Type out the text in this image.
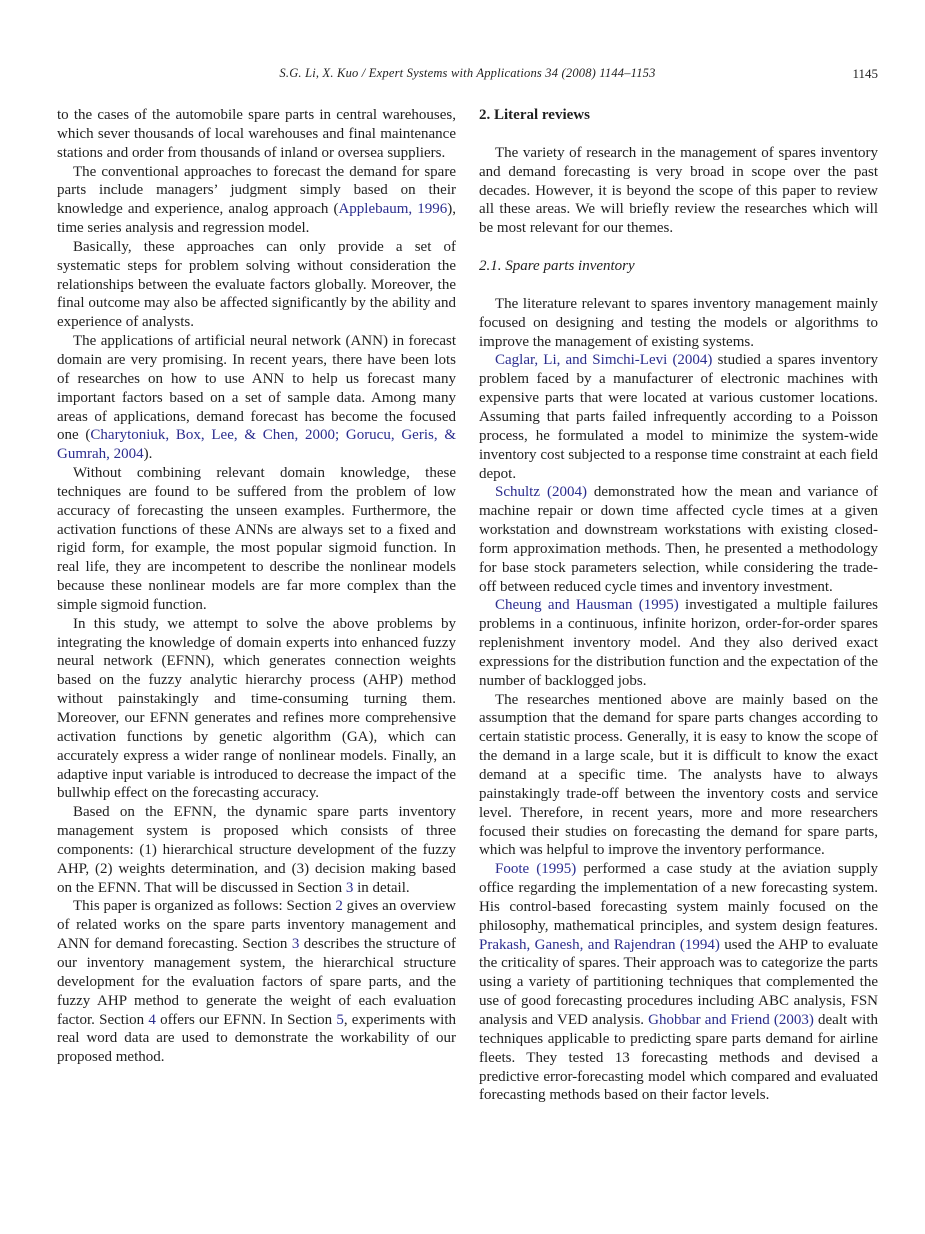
S.G. Li, X. Kuo / Expert Systems with Applications 34 (2008) 1144–1153	1145

to the cases of the automobile spare parts in central warehouses, which sever thousands of local warehouses and final maintenance stations and order from thousands of inland or oversea suppliers.

The conventional approaches to forecast the demand for spare parts include managers’ judgment simply based on their knowledge and experience, analog approach (Applebaum, 1996), time series analysis and regression model.

Basically, these approaches can only provide a set of systematic steps for problem solving without consideration the relationships between the evaluate factors globally. Moreover, the final outcome may also be affected significantly by the ability and experience of analysts.

The applications of artificial neural network (ANN) in forecast domain are very promising. In recent years, there have been lots of researches on how to use ANN to help us forecast many important factors based on a set of sample data. Among many areas of applications, demand forecast has become the focused one (Charytoniuk, Box, Lee, & Chen, 2000; Gorucu, Geris, & Gumrah, 2004).

Without combining relevant domain knowledge, these techniques are found to be suffered from the problem of low accuracy of forecasting the unseen examples. Furthermore, the activation functions of these ANNs are always set to a fixed and rigid form, for example, the most popular sigmoid function. In real life, they are incompetent to describe the nonlinear models because these nonlinear models are far more complex than the simple sigmoid function.

In this study, we attempt to solve the above problems by integrating the knowledge of domain experts into enhanced fuzzy neural network (EFNN), which generates connection weights based on the fuzzy analytic hierarchy process (AHP) method without painstakingly and time-consuming turning them. Moreover, our EFNN generates and refines more comprehensive activation functions by genetic algorithm (GA), which can accurately express a wider range of nonlinear models. Finally, an adaptive input variable is introduced to decrease the impact of the bullwhip effect on the forecasting accuracy.

Based on the EFNN, the dynamic spare parts inventory management system is proposed which consists of three components: (1) hierarchical structure development of the fuzzy AHP, (2) weights determination, and (3) decision making based on the EFNN. That will be discussed in Section 3 in detail.

This paper is organized as follows: Section 2 gives an overview of related works on the spare parts inventory management and ANN for demand forecasting. Section 3 describes the structure of our inventory management system, the hierarchical structure development for the evaluation factors of spare parts, and the fuzzy AHP method to generate the weight of each evaluation factor. Section 4 offers our EFNN. In Section 5, experiments with real word data are used to demonstrate the workability of our proposed method.

2. Literal reviews

The variety of research in the management of spares inventory and demand forecasting is very broad in scope over the past decades. However, it is beyond the scope of this paper to review all these areas. We will briefly review the researches which will be most relevant for our themes.

2.1. Spare parts inventory

The literature relevant to spares inventory management mainly focused on designing and testing the models or algorithms to improve the management of existing systems.

Caglar, Li, and Simchi-Levi (2004) studied a spares inventory problem faced by a manufacturer of electronic machines with expensive parts that were located at various customer locations. Assuming that parts failed infrequently according to a Poisson process, he formulated a model to minimize the system-wide inventory cost subjected to a response time constraint at each field depot.

Schultz (2004) demonstrated how the mean and variance of machine repair or down time affected cycle times at a given workstation and downstream workstations with existing closed-form approximation methods. Then, he presented a methodology for base stock parameters selection, while considering the trade-off between reduced cycle times and inventory investment.

Cheung and Hausman (1995) investigated a multiple failures problems in a continuous, infinite horizon, order-for-order spares replenishment inventory model. And they also derived exact expressions for the distribution function and the expectation of the number of backlogged jobs.

The researches mentioned above are mainly based on the assumption that the demand for spare parts changes according to certain statistic process. Generally, it is easy to know the scope of the demand in a large scale, but it is difficult to know the exact demand at a specific time. The analysts have to always painstakingly trade-off between the inventory costs and service level. Therefore, in recent years, more and more researchers focused their studies on forecasting the demand for spare parts, which was helpful to improve the inventory performance.

Foote (1995) performed a case study at the aviation supply office regarding the implementation of a new forecasting system. His control-based forecasting system mainly focused on the philosophy, mathematical principles, and system design features. Prakash, Ganesh, and Rajendran (1994) used the AHP to evaluate the criticality of spares. Their approach was to categorize the parts using a variety of partitioning techniques that complemented the use of good forecasting procedures including ABC analysis, FSN analysis and VED analysis. Ghobbar and Friend (2003) dealt with techniques applicable to predicting spare parts demand for airline fleets. They tested 13 forecasting methods and devised a predictive error-forecasting model which compared and evaluated forecasting methods based on their factor levels.
